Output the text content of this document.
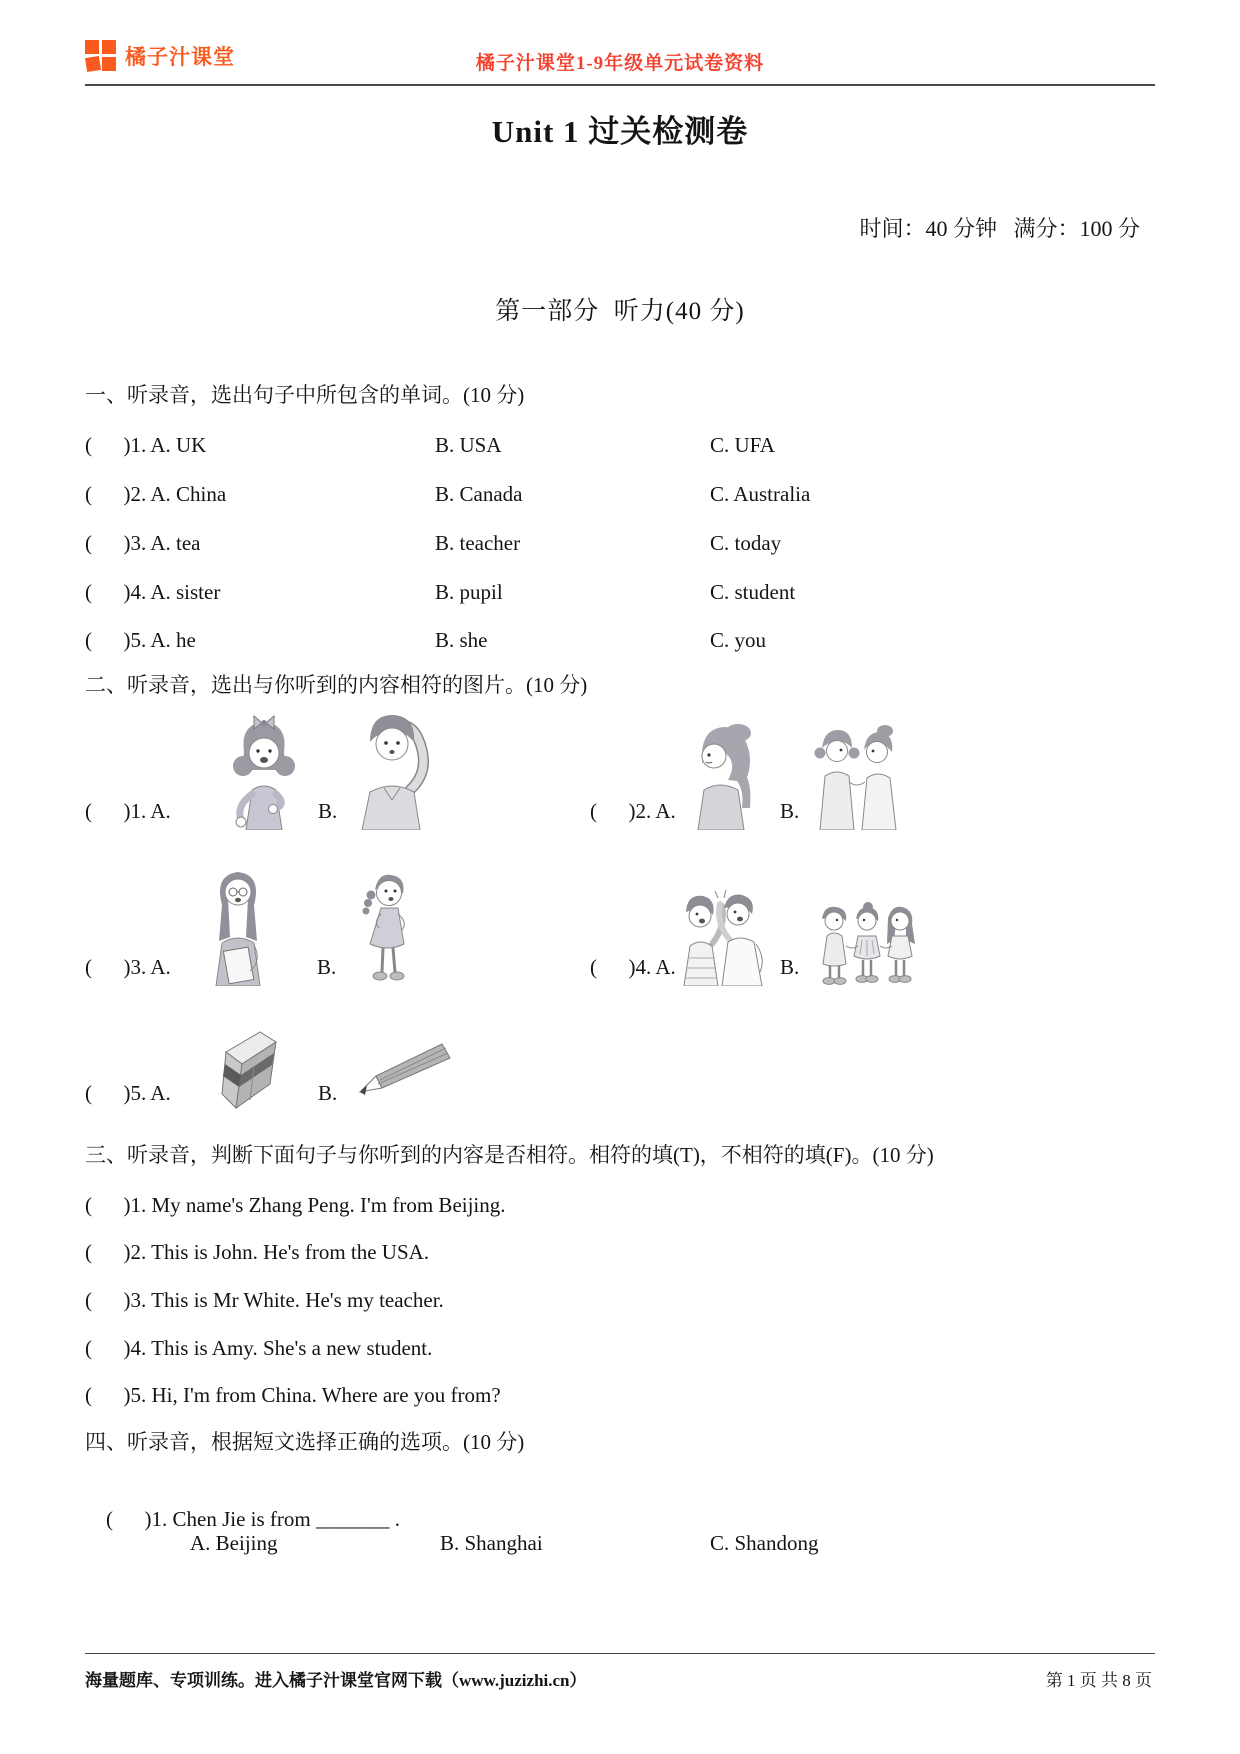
橘子汁课堂	橘子汁课堂1-9年级单元试卷资料
Unit 1 过关检测卷
时间：40 分钟   满分：100 分
第一部分  听力(40 分)
一、听录音，选出句子中所包含的单词。(10 分)
(      )1. A. UK	B. USA	C. UFA
(      )2. A. China	B. Canada	C. Australia
(      )3. A. tea	B. teacher	C. today
(      )4. A. sister	B. pupil	C. student
(      )5. A. he	B. she	C. you
二、听录音，选出与你听到的内容相符的图片。(10 分)
(      )1. A.	B.	(      )2. A.	B.
(      )3. A.	B.	(      )4. A.	B.
(      )5. A.	B.
三、听录音，判断下面句子与你听到的内容是否相符。相符的填(T)，不相符的填(F)。(10 分)
(      )1. My name's Zhang Peng. I'm from Beijing.
(      )2. This is John. He's from the USA.
(      )3. This is Mr White. He's my teacher.
(      )4. This is Amy. She's a new student.
(      )5. Hi, I'm from China. Where are you from?
四、听录音，根据短文选择正确的选项。(10 分)

(      )1. Chen Jie is from _______ .

A. Beijing	B. Shanghai	C. Shandong
海量题库、专项训练。进入橘子汁课堂官网下载（www.juzizhi.cn）	第 1 页 共 8 页
